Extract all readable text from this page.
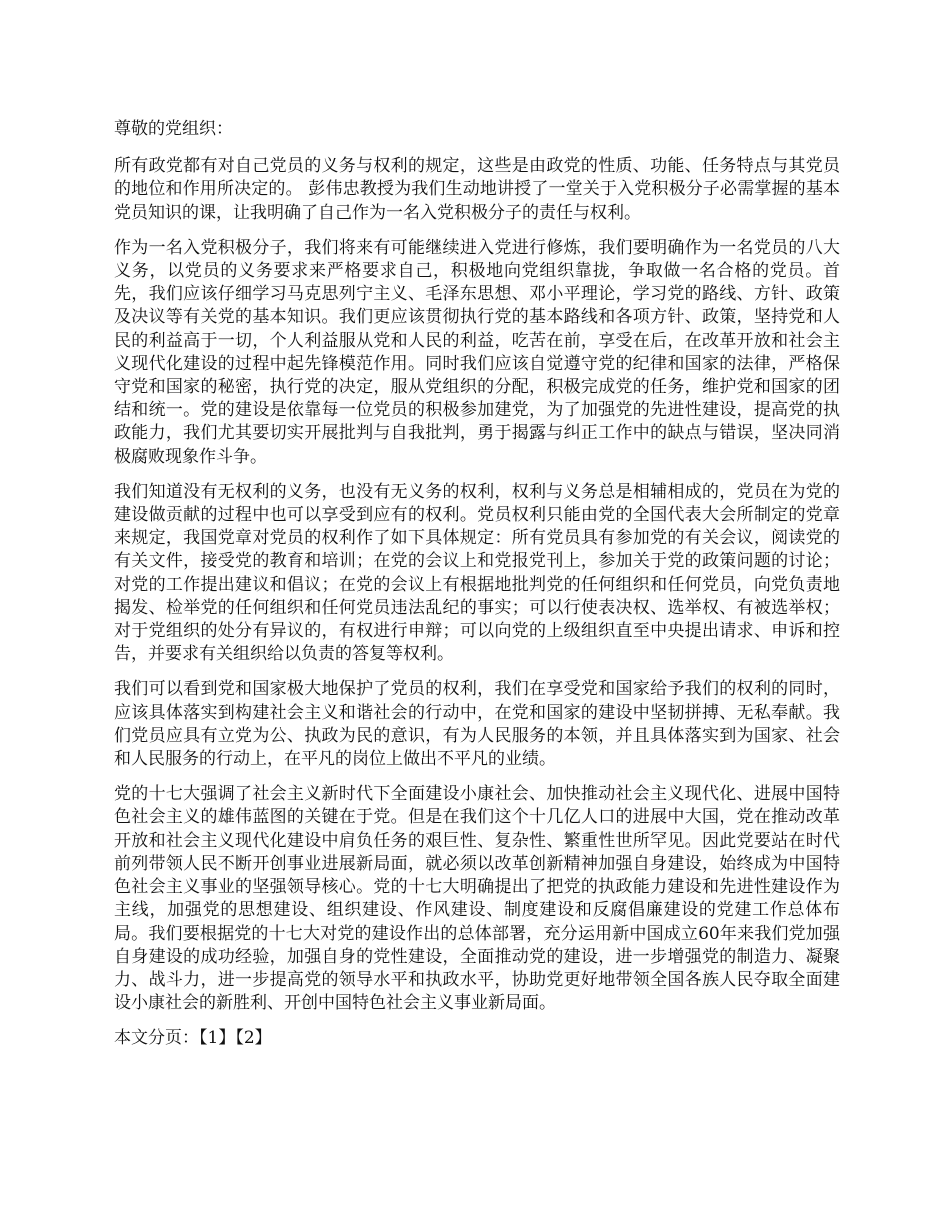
尊敬的党组织：

所有政党都有对自己党员的义务与权利的规定，这些是由政党的性质、功能、任务特点与其党员的地位和作用所决定的。 彭伟忠教授为我们生动地讲授了一堂关于入党积极分子必需掌握的基本党员知识的课，让我明确了自己作为一名入党积极分子的责任与权利。

作为一名入党积极分子，我们将来有可能继续进入党进行修炼，我们要明确作为一名党员的八大义务，以党员的义务要求来严格要求自己，积极地向党组织靠拢，争取做一名合格的党员。首先，我们应该仔细学习马克思列宁主义、毛泽东思想、邓小平理论，学习党的路线、方针、政策及决议等有关党的基本知识。我们更应该贯彻执行党的基本路线和各项方针、政策，坚持党和人民的利益高于一切，个人利益服从党和人民的利益，吃苦在前，享受在后，在改革开放和社会主义现代化建设的过程中起先锋模范作用。同时我们应该自觉遵守党的纪律和国家的法律，严格保守党和国家的秘密，执行党的决定，服从党组织的分配，积极完成党的任务，维护党和国家的团结和统一。党的建设是依靠每一位党员的积极参加建党，为了加强党的先进性建设，提高党的执政能力，我们尤其要切实开展批判与自我批判，勇于揭露与纠正工作中的缺点与错误，坚决同消极腐败现象作斗争。

我们知道没有无权利的义务，也没有无义务的权利，权利与义务总是相辅相成的，党员在为党的建设做贡献的过程中也可以享受到应有的权利。党员权利只能由党的全国代表大会所制定的党章来规定，我国党章对党员的权利作了如下具体规定：所有党员具有参加党的有关会议，阅读党的有关文件，接受党的教育和培训；在党的会议上和党报党刊上，参加关于党的政策问题的讨论；对党的工作提出建议和倡议；在党的会议上有根据地批判党的任何组织和任何党员，向党负责地揭发、检举党的任何组织和任何党员违法乱纪的事实；可以行使表决权、选举权、有被选举权；对于党组织的处分有异议的，有权进行申辩；可以向党的上级组织直至中央提出请求、申诉和控告，并要求有关组织给以负责的答复等权利。

我们可以看到党和国家极大地保护了党员的权利，我们在享受党和国家给予我们的权利的同时，应该具体落实到构建社会主义和谐社会的行动中，在党和国家的建设中坚韧拼搏、无私奉献。我们党员应具有立党为公、执政为民的意识，有为人民服务的本领，并且具体落实到为国家、社会和人民服务的行动上，在平凡的岗位上做出不平凡的业绩。

党的十七大强调了社会主义新时代下全面建设小康社会、加快推动社会主义现代化、进展中国特色社会主义的雄伟蓝图的关键在于党。但是在我们这个十几亿人口的进展中大国，党在推动改革开放和社会主义现代化建设中肩负任务的艰巨性、复杂性、繁重性世所罕见。因此党要站在时代前列带领人民不断开创事业进展新局面，就必须以改革创新精神加强自身建设，始终成为中国特色社会主义事业的坚强领导核心。党的十七大明确提出了把党的执政能力建设和先进性建设作为主线，加强党的思想建设、组织建设、作风建设、制度建设和反腐倡廉建设的党建工作总体布局。我们要根据党的十七大对党的建设作出的总体部署，充分运用新中国成立60年来我们党加强自身建设的成功经验，加强自身的党性建设，全面推动党的建设，进一步增强党的制造力、凝聚力、战斗力，进一步提高党的领导水平和执政水平，协助党更好地带领全国各族人民夺取全面建设小康社会的新胜利、开创中国特色社会主义事业新局面。

本文分页：【1】【2】
